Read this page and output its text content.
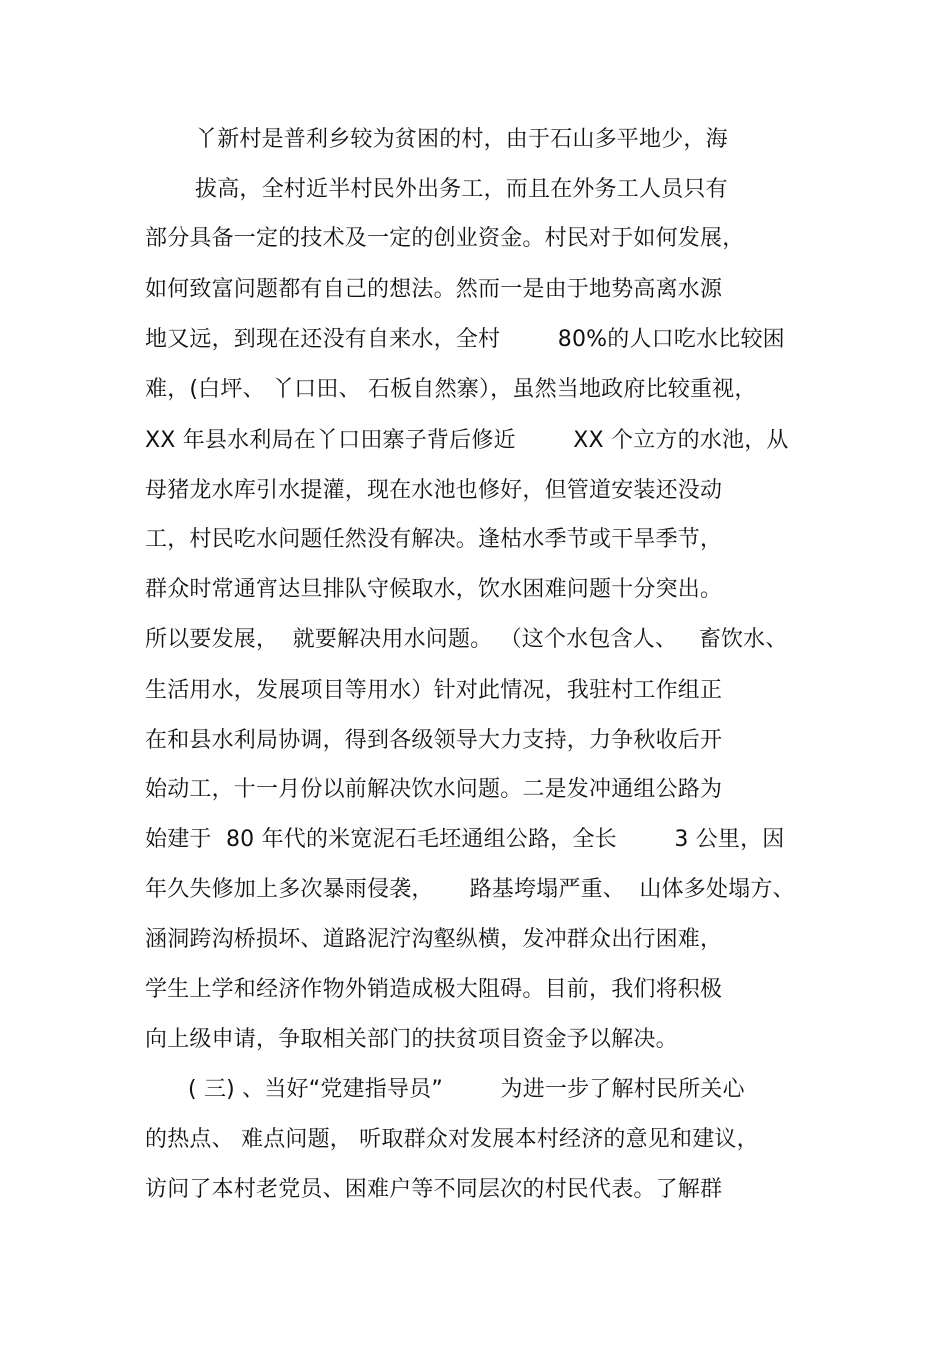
丫新村是普利乡较为贫困的村，由于石山多平地少，海
拔高，全村近半村民外出务工，而且在外务工人员只有
部分具备一定的技术及一定的创业资金。村民对于如何发展，
如何致富问题都有自己的想法。然而一是由于地势高离水源
地又远，到现在还没有自来水，全村        80%的人口吃水比较困
难，(白坪、 丫口田、 石板自然寨），虽然当地政府比较重视，
XX 年县水利局在丫口田寨子背后修近        XX 个立方的水池，从
母猪龙水库引水提灌，现在水池也修好，但管道安装还没动
工，村民吃水问题任然没有解决。逢枯水季节或干旱季节，
群众时常通宵达旦排队守候取水，饮水困难问题十分突出。
所以要发展，  就要解决用水问题。 （这个水包含人、   畜饮水、
生活用水，发展项目等用水）针对此情况，我驻村工作组正
在和县水利局协调，得到各级领导大力支持，力争秋收后开
始动工，十一月份以前解决饮水问题。二是发冲通组公路为
始建于  80 年代的米宽泥石毛坯通组公路，全长        3 公里，因
年久失修加上多次暴雨侵袭，     路基垮塌严重、  山体多处塌方、
涵洞跨沟桥损坏、道路泥泞沟壑纵横，发冲群众出行困难，
学生上学和经济作物外销造成极大阻碍。目前，我们将积极
向上级申请，争取相关部门的扶贫项目资金予以解决。
( 三) 、当好“党建指导员”        为进一步了解村民所关心
的热点、 难点问题， 听取群众对发展本村经济的意见和建议，
访问了本村老党员、困难户等不同层次的村民代表。了解群
